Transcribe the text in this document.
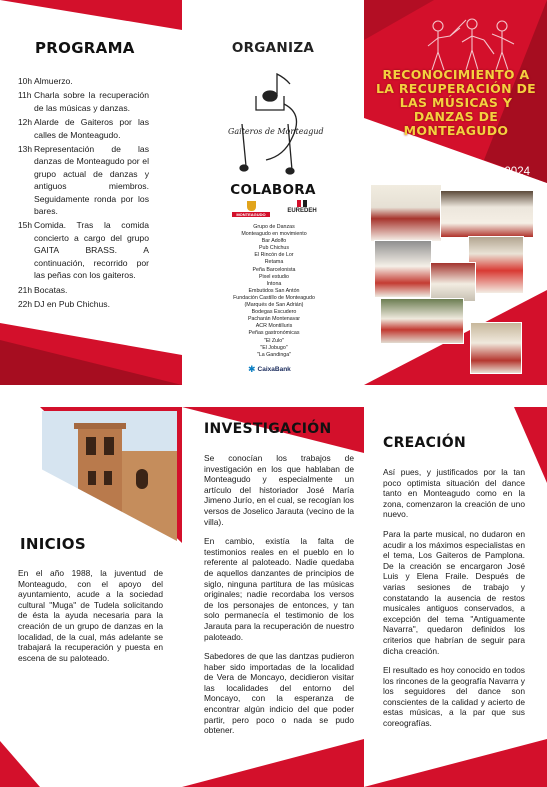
PROGRAMA
10h Almuerzo.
11h Charla sobre la recuperación de las músicas y danzas.
12h Alarde de Gaiteros por las calles de Monteagudo.
13h Representación de las danzas de Monteagudo por el grupo actual de danzas y antiguos miembros. Seguidamente ronda por los bares.
15h Comida. Tras la comida concierto a cargo del grupo GAITA BRASS. A continuación, recorrido por las peñas con los gaiteros.
21h Bocatas.
22h DJ en Pub Chichus.
ORGANIZA
Gaiteros de Monteagudo
COLABORA
MONTEAGUDO
EUREDEH
Grupo de Danzas
Monteagudo en movimiento
Bar Adolfo
Pub Chichus
El Rincón de Lor
Retama
Peña Barcelonista
Pixel estudio
Intona
Embutidos San Antón
Fundación Castillo de Monteagudo
(Marqués de San Adrián)
Bodegas Escudero
Pacharán Montenavar
ACR Montilluris
Peñas gastronómicas
"El Zulo"
"El Jobugo"
"La Gandinga"
✱ CaixaBank
RECONOCIMIENTO A LA RECUPERACIÓN DE LAS MÚSICAS Y DANZAS DE MONTEAGUDO
1 de junio 2024
INICIOS
En el año 1988, la juventud de Monteagudo, con el apoyo del ayuntamiento, acude a la sociedad cultural "Muga" de Tudela solicitando de ésta la ayuda necesaria para la creación de un grupo de danzas en la localidad, de la cual, más adelante se trabajará la recuperación y puesta en escena de su paloteado.
INVESTIGACIÓN

Se conocían los trabajos de investigación en los que hablaban de Monteagudo y especialmente un artículo del historiador José María Jimeno Jurío, en el cual, se recogían los versos de Joselico Jarauta (vecino de la villa).

En cambio, existía la falta de testimonios reales en el pueblo en lo referente al paloteado. Nadie quedaba de aquellos danzantes de principios de siglo, ninguna partitura de las músicas originales; nadie recordaba los versos de los personajes de entonces, y tan solo permanecía el testimonio de los Jarauta para la recuperación de nuestro paloteado.

Sabedores de que las dantzas pudieron haber sido importadas de la localidad de Vera de Moncayo, decidieron visitar las localidades del entorno del Moncayo, con la esperanza de encontrar algún indicio del que poder partir, pero poco o nada se pudo obtener.

CREACIÓN

Así pues, y justificados por la tan poco optimista situación del dance tanto en Monteagudo como en la zona, comenzaron la creación de uno nuevo.

Para la parte musical, no dudaron en acudir a los máximos especialistas en el tema, Los Gaiteros de Pamplona. De la creación se encargaron José Luis y Elena Fraile. Después de varias sesiones de trabajo y constatando la ausencia de restos musicales antiguos conservados, a excepción del tema "Antiguamente Navarra", quedaron definidos los criterios que habrían de seguir para dicha creación.

El resultado es hoy conocido en todos los rincones de la geografía Navarra y los seguidores del dance son conscientes de la calidad y acierto de estas músicas, a la par que sus coreografías.
